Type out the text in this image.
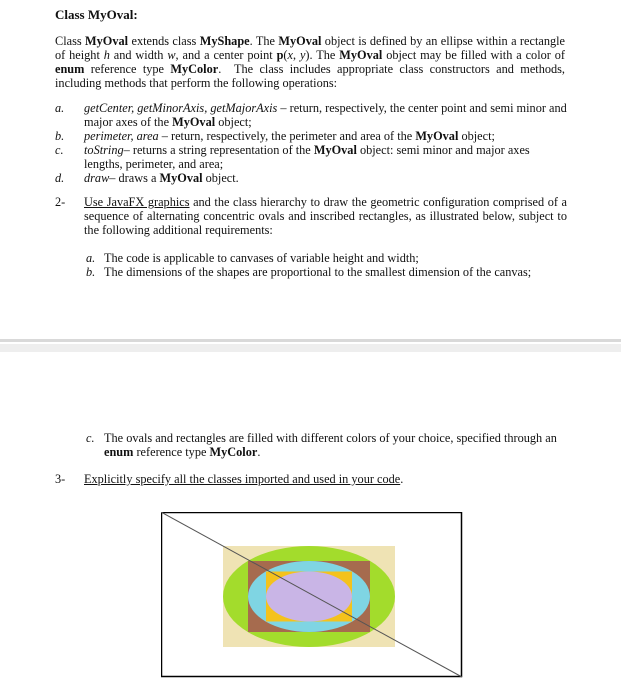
Class MyOval:
Class MyOval extends class MyShape. The MyOval object is defined by an ellipse within a rectangle of height h and width w, and a center point p(x, y). The MyOval object may be filled with a color of enum reference type MyColor.  The class includes appropriate class constructors and methods, including methods that perform the following operations:
a. getCenter, getMinorAxis, getMajorAxis – return, respectively, the center point and semi minor and major axes of the MyOval object;
b. perimeter, area – return, respectively, the perimeter and area of the MyOval object;
c. toString– returns a string representation of the MyOval object: semi minor and major axes lengths, perimeter, and area;
d. draw– draws a MyOval object.
2- Use JavaFX graphics and the class hierarchy to draw the geometric configuration comprised of a sequence of alternating concentric ovals and inscribed rectangles, as illustrated below, subject to the following additional requirements:
a. The code is applicable to canvases of variable height and width;
b. The dimensions of the shapes are proportional to the smallest dimension of the canvas;
c. The ovals and rectangles are filled with different colors of your choice, specified through an enum reference type MyColor.
3- Explicitly specify all the classes imported and used in your code.
